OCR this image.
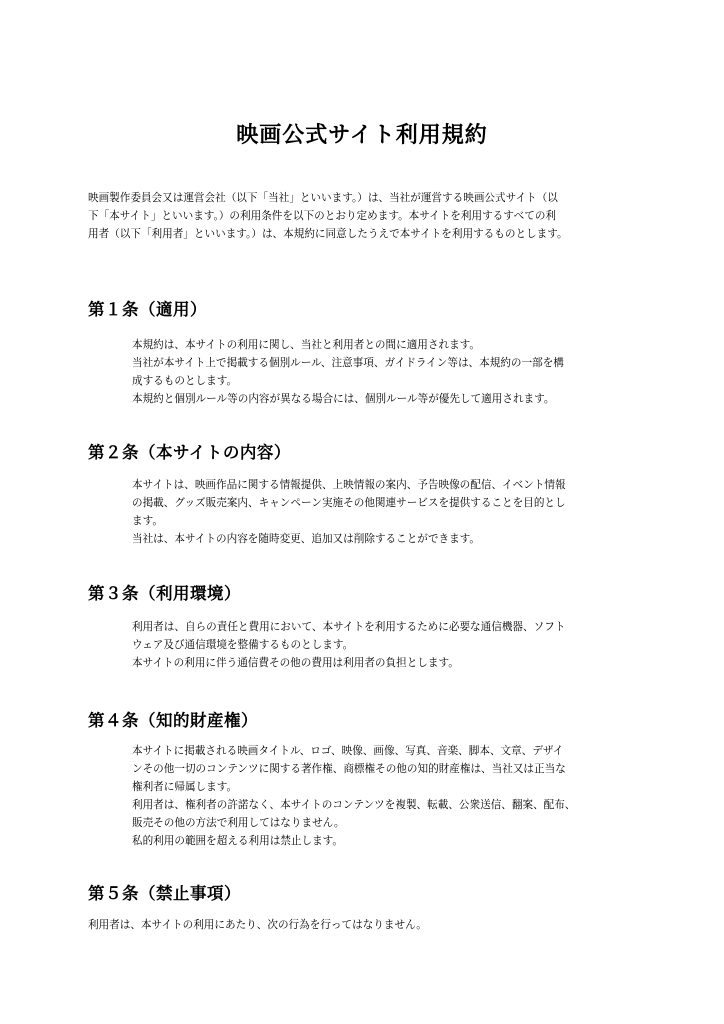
映画公式サイト利用規約

映画製作委員会又は運営会社（以下「当社」といいます。）は、当社が運営する映画公式サイト（以

下「本サイト」といいます。）の利用条件を以下のとおり定めます。本サイトを利用するすべての利

用者（以下「利用者」といいます。）は、本規約に同意したうえで本サイトを利用するものとします。

第１条（適用）

本規約は、本サイトの利用に関し、当社と利用者との間に適用されます。

当社が本サイト上で掲載する個別ルール、注意事項、ガイドライン等は、本規約の一部を構

成するものとします。

本規約と個別ルール等の内容が異なる場合には、個別ルール等が優先して適用されます。

第２条（本サイトの内容）

本サイトは、映画作品に関する情報提供、上映情報の案内、予告映像の配信、イベント情報

の掲載、グッズ販売案内、キャンペーン実施その他関連サービスを提供することを目的とし

ます。

当社は、本サイトの内容を随時変更、追加又は削除することができます。

第３条（利用環境）

利用者は、自らの責任と費用において、本サイトを利用するために必要な通信機器、ソフト

ウェア及び通信環境を整備するものとします。

本サイトの利用に伴う通信費その他の費用は利用者の負担とします。

第４条（知的財産権）

本サイトに掲載される映画タイトル、ロゴ、映像、画像、写真、音楽、脚本、文章、デザイ

ンその他一切のコンテンツに関する著作権、商標権その他の知的財産権は、当社又は正当な

権利者に帰属します。

利用者は、権利者の許諾なく、本サイトのコンテンツを複製、転載、公衆送信、翻案、配布、

販売その他の方法で利用してはなりません。

私的利用の範囲を超える利用は禁止します。

第５条（禁止事項）

利用者は、本サイトの利用にあたり、次の行為を行ってはなりません。
